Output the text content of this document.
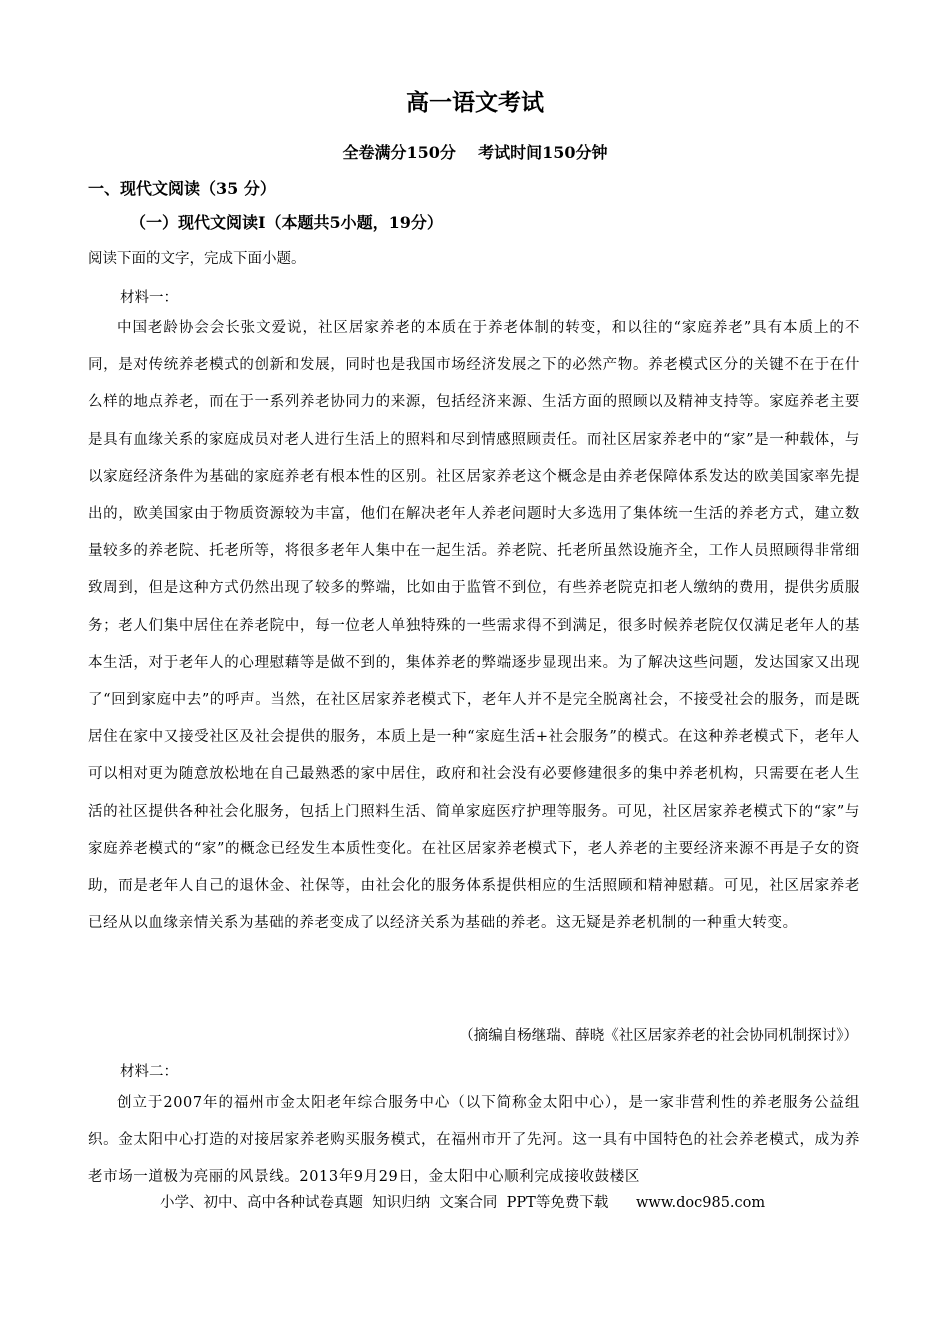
高一语文考试
全卷满分150分    考试时间150分钟
一、现代文阅读（35 分）
（一）现代文阅读Ⅰ（本题共5小题，19分）
阅读下面的文字，完成下面小题。
材料一：
中国老龄协会会长张文爱说，社区居家养老的本质在于养老体制的转变，和以往的“家庭养老”具有本质上的不同，是对传统养老模式的创新和发展，同时也是我国市场经济发展之下的必然产物。养老模式区分的关键不在于在什么样的地点养老，而在于一系列养老协同力的来源，包括经济来源、生活方面的照顾以及精神支持等。家庭养老主要是具有血缘关系的家庭成员对老人进行生活上的照料和尽到情感照顾责任。而社区居家养老中的“家”是一种载体，与以家庭经济条件为基础的家庭养老有根本性的区别。社区居家养老这个概念是由养老保障体系发达的欧美国家率先提出的，欧美国家由于物质资源较为丰富，他们在解决老年人养老问题时大多选用了集体统一生活的养老方式，建立数量较多的养老院、托老所等，将很多老年人集中在一起生活。养老院、托老所虽然设施齐全，工作人员照顾得非常细致周到，但是这种方式仍然出现了较多的弊端，比如由于监管不到位，有些养老院克扣老人缴纳的费用，提供劣质服务；老人们集中居住在养老院中，每一位老人单独特殊的一些需求得不到满足，很多时候养老院仅仅满足老年人的基本生活，对于老年人的心理慰藉等是做不到的，集体养老的弊端逐步显现出来。为了解决这些问题，发达国家又出现了“回到家庭中去”的呼声。当然，在社区居家养老模式下，老年人并不是完全脱离社会，不接受社会的服务，而是既居住在家中又接受社区及社会提供的服务，本质上是一种“家庭生活+社会服务”的模式。在这种养老模式下，老年人可以相对更为随意放松地在自己最熟悉的家中居住，政府和社会没有必要修建很多的集中养老机构，只需要在老人生活的社区提供各种社会化服务，包括上门照料生活、简单家庭医疗护理等服务。可见，社区居家养老模式下的“家”与家庭养老模式的“家”的概念已经发生本质性变化。在社区居家养老模式下，老人养老的主要经济来源不再是子女的资助，而是老年人自己的退休金、社保等，由社会化的服务体系提供相应的生活照顾和精神慰藉。可见，社区居家养老已经从以血缘亲情关系为基础的养老变成了以经济关系为基础的养老。这无疑是养老机制的一种重大转变。
（摘编自杨继瑞、薛晓《社区居家养老的社会协同机制探讨》）
材料二：
创立于2007年的福州市金太阳老年综合服务中心（以下简称金太阳中心），是一家非营利性的养老服务公益组织。金太阳中心打造的对接居家养老购买服务模式，在福州市开了先河。这一具有中国特色的社会养老模式，成为养老市场一道极为亮丽的风景线。2013年9月29日，金太阳中心顺利完成接收鼓楼区
小学、初中、高中各种试卷真题  知识归纳  文案合同  PPT等免费下载      www.doc985.com
